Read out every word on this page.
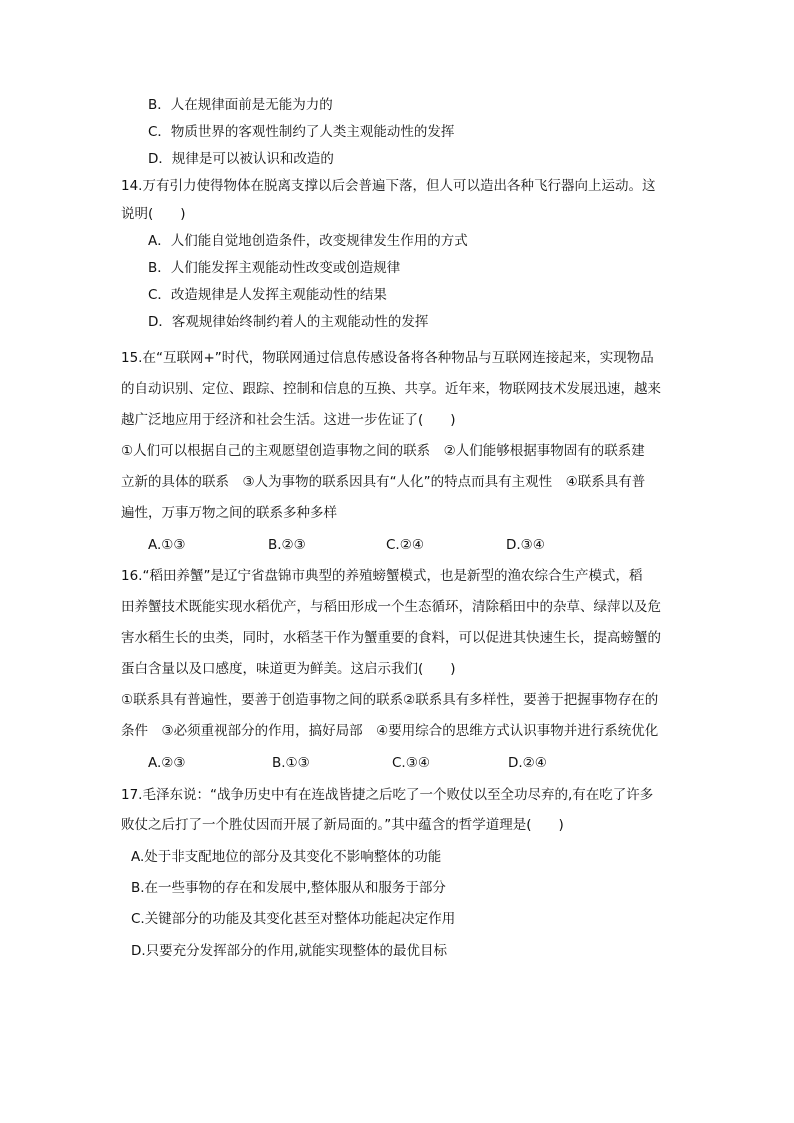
B．人在规律面前是无能为力的
C．物质世界的客观性制约了人类主观能动性的发挥
D．规律是可以被认识和改造的
14.万有引力使得物体在脱离支撑以后会普遍下落，但人可以造出各种飞行器向上运动。这
说明(　　)
A．人们能自觉地创造条件，改变规律发生作用的方式
B．人们能发挥主观能动性改变或创造规律
C．改造规律是人发挥主观能动性的结果
D．客观规律始终制约着人的主观能动性的发挥
15.在“互联网+”时代，物联网通过信息传感设备将各种物品与互联网连接起来，实现物品
的自动识别、定位、跟踪、控制和信息的互换、共享。近年来，物联网技术发展迅速，越来
越广泛地应用于经济和社会生活。这进一步佐证了(　　)
①人们可以根据自己的主观愿望创造事物之间的联系　②人们能够根据事物固有的联系建
立新的具体的联系　③人为事物的联系因具有“人化”的特点而具有主观性　④联系具有普
遍性，万事万物之间的联系多种多样
A.①③	B.②③	C.②④	D.③④
16.“稻田养蟹”是辽宁省盘锦市典型的养殖螃蟹模式，也是新型的渔农综合生产模式，稻
田养蟹技术既能实现水稻优产，与稻田形成一个生态循环，清除稻田中的杂草、绿萍以及危
害水稻生长的虫类，同时，水稻茎干作为蟹重要的食料，可以促进其快速生长，提高螃蟹的
蛋白含量以及口感度，味道更为鲜美。这启示我们(　　)
①联系具有普遍性，要善于创造事物之间的联系②联系具有多样性，要善于把握事物存在的
条件　③必须重视部分的作用，搞好局部　④要用综合的思维方式认识事物并进行系统优化
A.②③	B.①③	C.③④	D.②④
17.毛泽东说：“战争历史中有在连战皆捷之后吃了一个败仗以至全功尽弃的,有在吃了许多
败仗之后打了一个胜仗因而开展了新局面的。”其中蕴含的哲学道理是(　　)
A.处于非支配地位的部分及其变化不影响整体的功能
B.在一些事物的存在和发展中,整体服从和服务于部分
C.关键部分的功能及其变化甚至对整体功能起决定作用
D.只要充分发挥部分的作用,就能实现整体的最优目标
